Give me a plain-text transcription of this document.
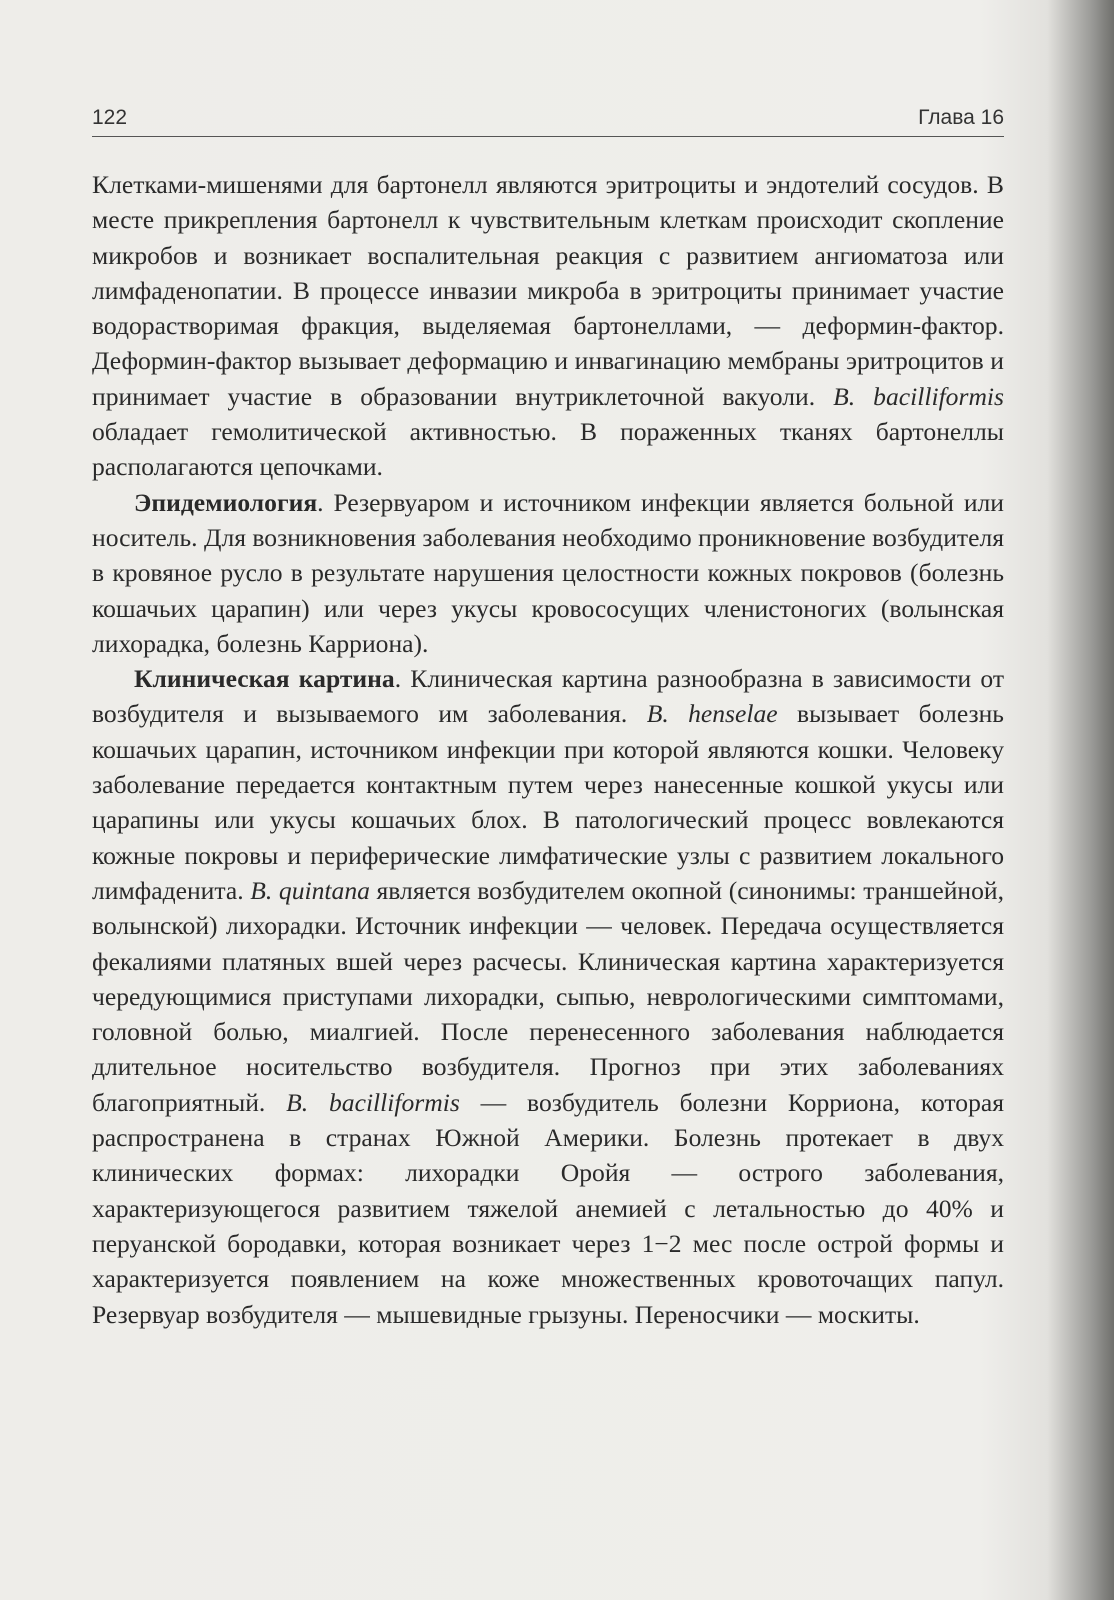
122	Глава 16

Клетками-мишенями для бартонелл являются эритроциты и эндотелий сосудов. В месте прикрепления бартонелл к чувствительным клеткам происходит скопление микробов и возникает воспалительная реакция с развитием ангиоматоза или лимфаденопатии. В процессе инвазии микроба в эритроциты принимает участие водорастворимая фракция, выделяемая бартонеллами, — деформин-фактор. Деформин-фактор вызывает деформацию и инвагинацию мембраны эритроцитов и принимает участие в образовании внутриклеточной вакуоли. B. bacilliformis обладает гемолитической активностью. В пораженных тканях бартонеллы располагаются цепочками.

Эпидемиология. Резервуаром и источником инфекции является больной или носитель. Для возникновения заболевания необходимо проникновение возбудителя в кровяное русло в результате нарушения целостности кожных покровов (болезнь кошачьих царапин) или через укусы кровососущих членистоногих (волынская лихорадка, болезнь Карриона).

Клиническая картина. Клиническая картина разнообразна в зависимости от возбудителя и вызываемого им заболевания. B. henselae вызывает болезнь кошачьих царапин, источником инфекции при которой являются кошки. Человеку заболевание передается контактным путем через нанесенные кошкой укусы или царапины или укусы кошачьих блох. В патологический процесс вовлекаются кожные покровы и периферические лимфатические узлы с развитием локального лимфаденита. B. quintana является возбудителем окопной (синонимы: траншейной, волынской) лихорадки. Источник инфекции — человек. Передача осуществляется фекалиями платяных вшей через расчесы. Клиническая картина характеризуется чередующимися приступами лихорадки, сыпью, неврологическими симптомами, головной болью, миалгией. После перенесенного заболевания наблюдается длительное носительство возбудителя. Прогноз при этих заболеваниях благоприятный. B. bacilliformis — возбудитель болезни Корриона, которая распространена в странах Южной Америки. Болезнь протекает в двух клинических формах: лихорадки Оройя — острого заболевания, характеризующегося развитием тяжелой анемией с летальностью до 40% и перуанской бородавки, которая возникает через 1−2 мес после острой формы и характеризуется появлением на коже множественных кровоточащих папул. Резервуар возбудителя — мышевидные грызуны. Переносчики — москиты.
